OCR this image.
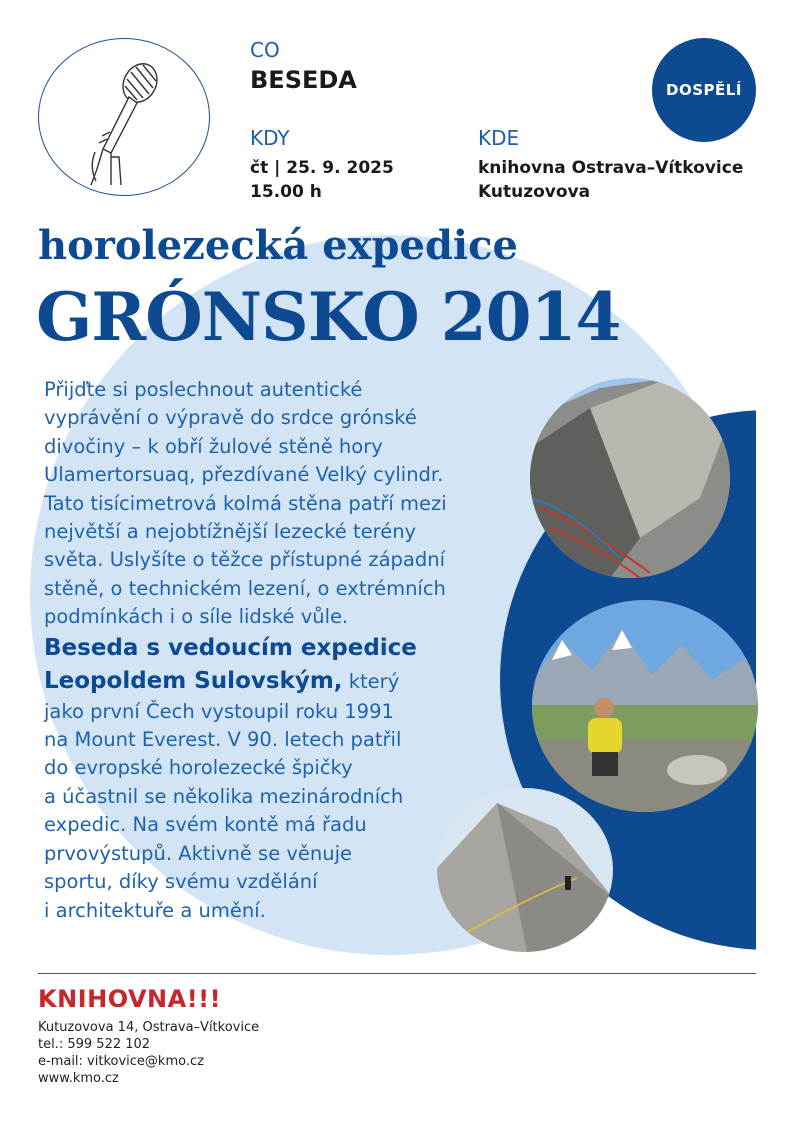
CO
BESEDA
KDY
čt | 25. 9. 2025
15.00 h
KDE
knihovna Ostrava–Vítkovice
Kutuzovova
DOSPĚLÍ
horolezecká expedice
GRÓNSKO 2014

Přijďte si poslechnout autentické

vyprávění o výpravě do srdce grónské

divočiny – k obří žulové stěně hory

Ulamertorsuaq, přezdívané Velký cylindr.

Tato tisícimetrová kolmá stěna patří mezi

největší a nejobtížnější lezecké terény

světa. Uslyšíte o těžce přístupné západní

stěně, o technickém lezení, o extrémních

podmínkách i o síle lidské vůle.

Beseda s vedoucím expedice

Leopoldem Sulovským, který

jako první Čech vystoupil roku 1991

na Mount Everest. V 90. letech patřil

do evropské horolezecké špičky

a účastnil se několika mezinárodních

expedic. Na svém kontě má řadu

prvovýstupů. Aktivně se věnuje

sportu, díky svému vzdělání

i architektuře a umění.

KNIHOVNA!!!
Kutuzovova 14, Ostrava–Vítkovice
tel.: 599 522 102
e-mail: vitkovice@kmo.cz
www.kmo.cz
